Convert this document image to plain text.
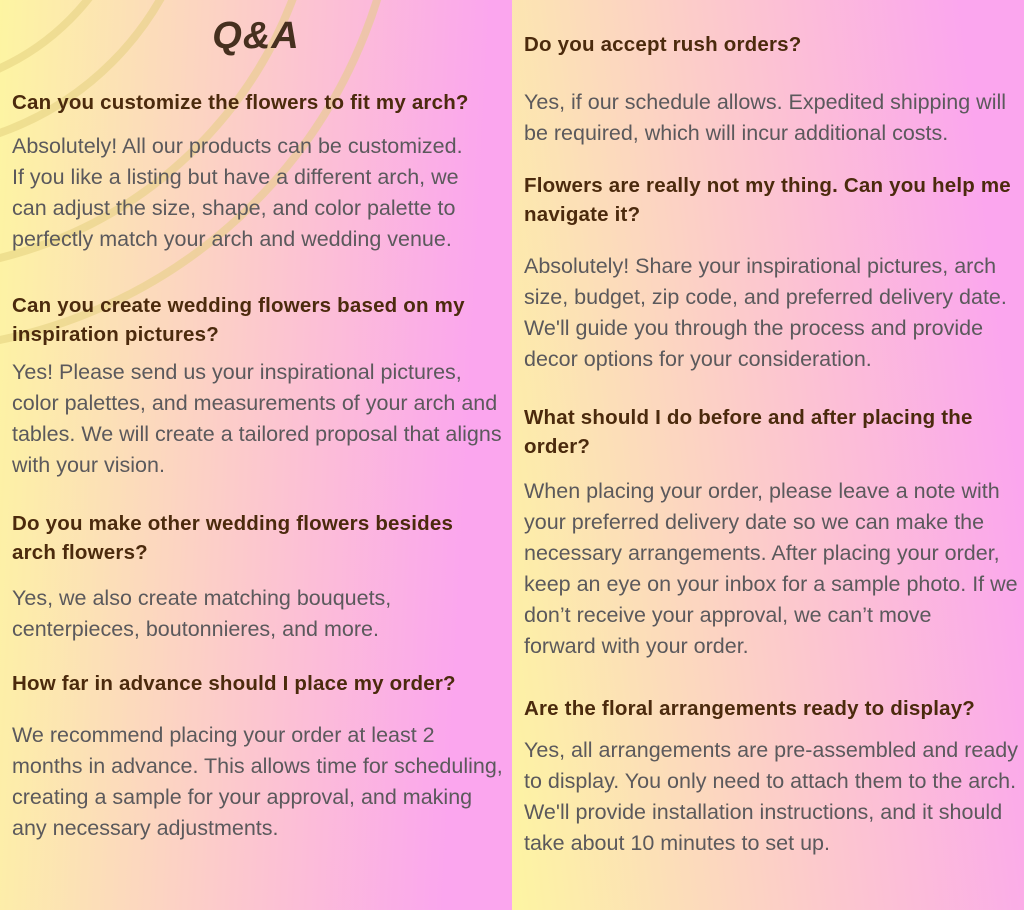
Q&A
Can you customize the flowers to fit my arch?
Absolutely! All our products can be customized.
If you like a listing but have a different arch, we
can adjust the size, shape, and color palette to
perfectly match your arch and wedding venue.
Can you create wedding flowers based on my
inspiration pictures?
Yes! Please send us your inspirational pictures,
color palettes, and measurements of your arch and
tables. We will create a tailored proposal that aligns
with your vision.
Do you make other wedding flowers besides
arch flowers?
Yes, we also create matching bouquets,
centerpieces, boutonnieres, and more.
How far in advance should I place my order?
We recommend placing your order at least 2
months in advance. This allows time for scheduling,
creating a sample for your approval, and making
any necessary adjustments.
Do you accept rush orders?
Yes, if our schedule allows. Expedited shipping will
be required, which will incur additional costs.
Flowers are really not my thing. Can you help me
navigate it?
Absolutely! Share your inspirational pictures, arch
size, budget, zip code, and preferred delivery date.
We'll guide you through the process and provide
decor options for your consideration.
What should I do before and after placing the
order?
When placing your order, please leave a note with
your preferred delivery date so we can make the
necessary arrangements. After placing your order,
keep an eye on your inbox for a sample photo. If we
don’t receive your approval, we can’t move
forward with your order.
Are the floral arrangements ready to display?
Yes, all arrangements are pre-assembled and ready
to display. You only need to attach them to the arch.
We'll provide installation instructions, and it should
take about 10 minutes to set up.
